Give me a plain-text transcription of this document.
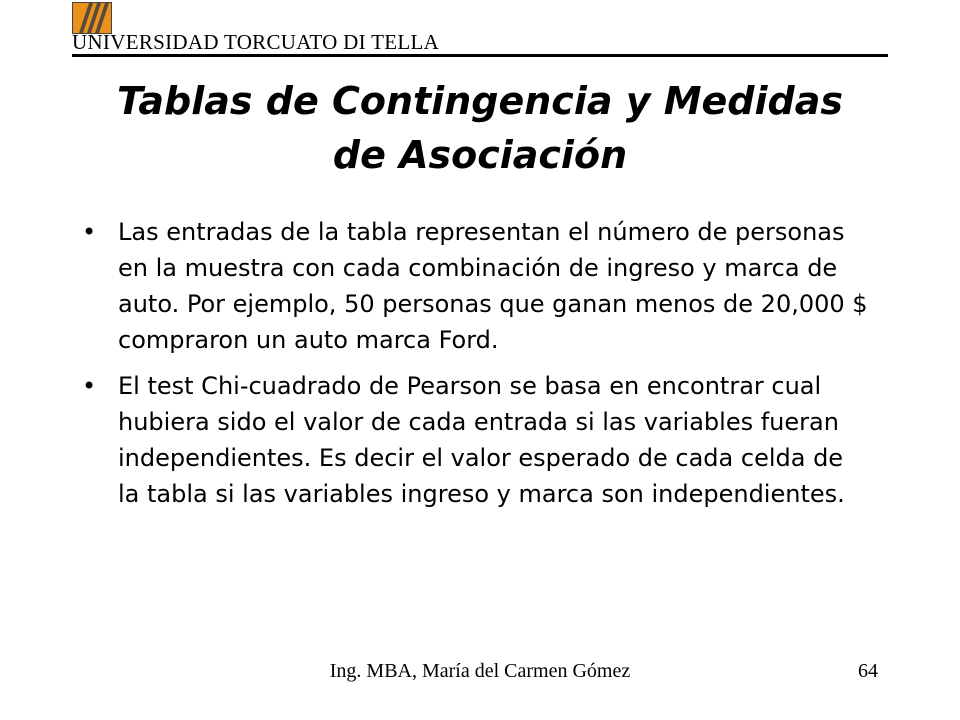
UNIVERSIDAD TORCUATO DI TELLA
Tablas de Contingencia y Medidas
de Asociación
• Las entradas de la tabla representan el número de personas en la muestra con cada combinación de ingreso y marca de auto. Por ejemplo, 50 personas que ganan menos de 20,000 $ compraron un auto marca Ford.
• El test Chi-cuadrado de Pearson se basa en encontrar cual hubiera sido el valor de cada entrada si las variables fueran independientes. Es decir el valor esperado de cada celda de la tabla si las variables ingreso y marca son independientes.
Ing. MBA, María del Carmen Gómez	64
